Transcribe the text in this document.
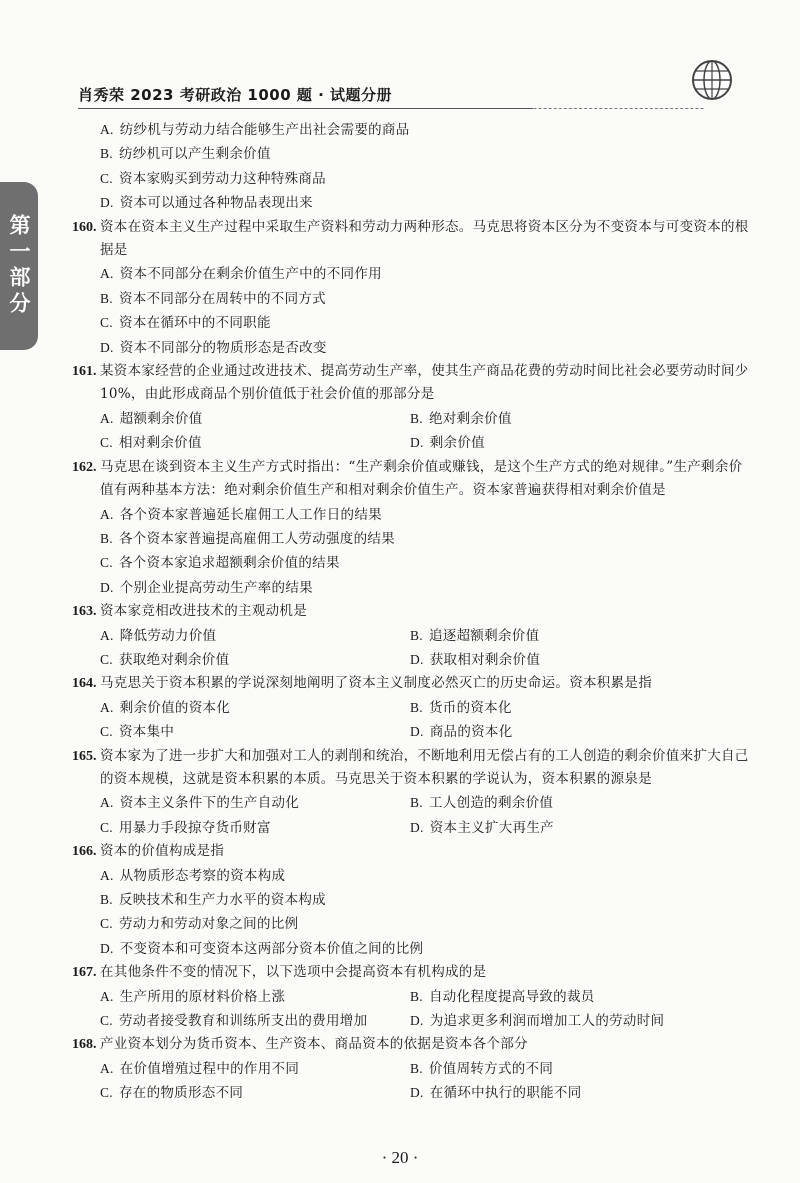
肖秀荣 2023 考研政治 1000 题 · 试题分册
第一部分
A. 纺纱机与劳动力结合能够生产出社会需要的商品
B. 纺纱机可以产生剩余价值
C. 资本家购买到劳动力这种特殊商品
D. 资本可以通过各种物品表现出来
160. 资本在资本主义生产过程中采取生产资料和劳动力两种形态。马克思将资本区分为不变资本与可变资本的根据是
A. 资本不同部分在剩余价值生产中的不同作用
B. 资本不同部分在周转中的不同方式
C. 资本在循环中的不同职能
D. 资本不同部分的物质形态是否改变
161. 某资本家经营的企业通过改进技术、提高劳动生产率，使其生产商品花费的劳动时间比社会必要劳动时间少 10%，由此形成商品个别价值低于社会价值的那部分是
A. 超额剩余价值	B. 绝对剩余价值
C. 相对剩余价值	D. 剩余价值
162. 马克思在谈到资本主义生产方式时指出：“生产剩余价值或赚钱，是这个生产方式的绝对规律。”生产剩余价值有两种基本方法：绝对剩余价值生产和相对剩余价值生产。资本家普遍获得相对剩余价值是
A. 各个资本家普遍延长雇佣工人工作日的结果
B. 各个资本家普遍提高雇佣工人劳动强度的结果
C. 各个资本家追求超额剩余价值的结果
D. 个别企业提高劳动生产率的结果
163. 资本家竞相改进技术的主观动机是
A. 降低劳动力价值	B. 追逐超额剩余价值
C. 获取绝对剩余价值	D. 获取相对剩余价值
164. 马克思关于资本积累的学说深刻地阐明了资本主义制度必然灭亡的历史命运。资本积累是指
A. 剩余价值的资本化	B. 货币的资本化
C. 资本集中	D. 商品的资本化
165. 资本家为了进一步扩大和加强对工人的剥削和统治，不断地利用无偿占有的工人创造的剩余价值来扩大自己的资本规模，这就是资本积累的本质。马克思关于资本积累的学说认为，资本积累的源泉是
A. 资本主义条件下的生产自动化	B. 工人创造的剩余价值
C. 用暴力手段掠夺货币财富	D. 资本主义扩大再生产
166. 资本的价值构成是指
A. 从物质形态考察的资本构成
B. 反映技术和生产力水平的资本构成
C. 劳动力和劳动对象之间的比例
D. 不变资本和可变资本这两部分资本价值之间的比例
167. 在其他条件不变的情况下，以下选项中会提高资本有机构成的是
A. 生产所用的原材料价格上涨	B. 自动化程度提高导致的裁员
C. 劳动者接受教育和训练所支出的费用增加	D. 为追求更多利润而增加工人的劳动时间
168. 产业资本划分为货币资本、生产资本、商品资本的依据是资本各个部分
A. 在价值增殖过程中的作用不同	B. 价值周转方式的不同
C. 存在的物质形态不同	D. 在循环中执行的职能不同
· 20 ·
